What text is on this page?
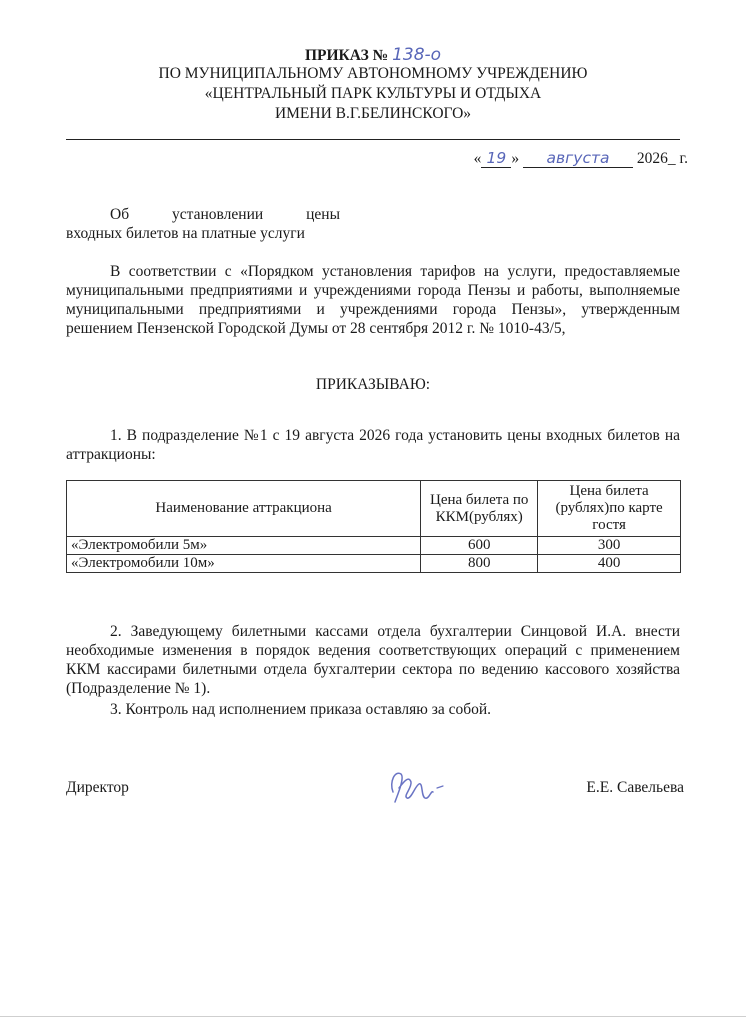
ПРИКАЗ № 138-о
ПО МУНИЦИПАЛЬНОМУ АВТОНОМНОМУ УЧРЕЖДЕНИЮ
«ЦЕНТРАЛЬНЫЙ ПАРК КУЛЬТУРЫ И ОТДЫХА
ИМЕНИ В.Г.БЕЛИНСКОГО»
« 19 » августа 2026_ г.
Об	установлении	цены
входных билетов на платные услуги
В соответствии с «Порядком установления тарифов на услуги, предоставляемые муниципальными предприятиями и учреждениями города Пензы и работы, выполняемые муниципальными предприятиями и учреждениями города Пензы», утвержденным решением Пензенской Городской Думы от 28 сентября 2012 г. № 1010-43/5,
ПРИКАЗЫВАЮ:
1. В подразделение №1 с 19 августа 2026 года установить цены входных билетов на аттракционы:
Наименование аттракциона	Цена билета по ККМ(рублях)	Цена билета (рублях)по карте гостя
«Электромобили 5м»	600	300
«Электромобили 10м»	800	400
2. Заведующему билетными кассами отдела бухгалтерии Синцовой И.А. внести необходимые изменения в порядок ведения соответствующих операций с применением ККМ кассирами билетными отдела бухгалтерии сектора по ведению кассового хозяйства (Подразделение № 1).
3. Контроль над исполнением приказа оставляю за собой.
Директор	Е.Е. Савельева
